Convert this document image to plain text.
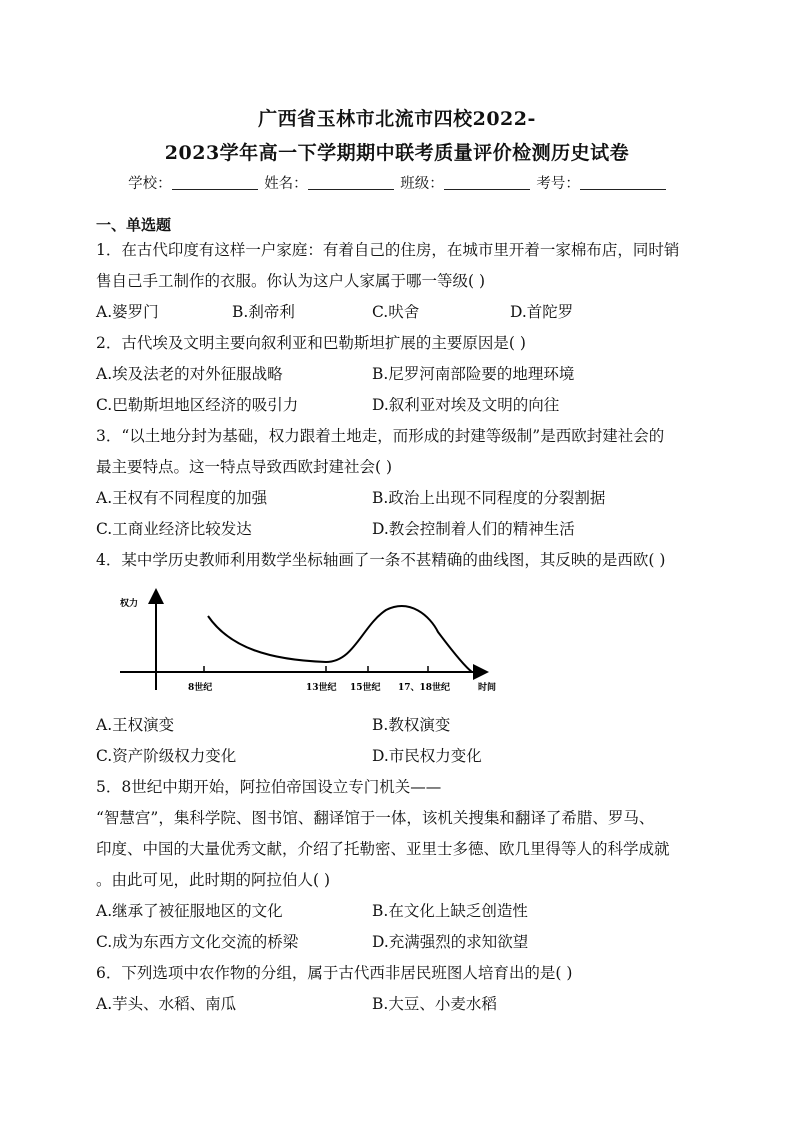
广西省玉林市北流市四校2022-
2023学年高一下学期期中联考质量评价检测历史试卷
学校：	姓名：	班级：	考号：
一、单选题
1．在古代印度有这样一户家庭：有着自己的住房，在城市里开着一家棉布店，同时销
售自己手工制作的衣服。你认为这户人家属于哪一等级( )
A.婆罗门	B.刹帝利	C.吠舍	D.首陀罗
2．古代埃及文明主要向叙利亚和巴勒斯坦扩展的主要原因是( )
A.埃及法老的对外征服战略	B.尼罗河南部险要的地理环境
C.巴勒斯坦地区经济的吸引力	D.叙利亚对埃及文明的向往
3．“以土地分封为基础，权力跟着土地走，而形成的封建等级制”是西欧封建社会的
最主要特点。这一特点导致西欧封建社会( )
A.王权有不同程度的加强	B.政治上出现不同程度的分裂割据
C.工商业经济比较发达	D.教会控制着人们的精神生活
4．某中学历史教师利用数学坐标轴画了一条不甚精确的曲线图，其反映的是西欧( )
权力
时间
8世纪	13世纪 15世纪 17、18世纪
A.王权演变	B.教权演变
C.资产阶级权力变化	D.市民权力变化
5．8世纪中期开始，阿拉伯帝国设立专门机关——
“智慧宫”，集科学院、图书馆、翻译馆于一体，该机关搜集和翻译了希腊、罗马、
印度、中国的大量优秀文献，介绍了托勒密、亚里士多德、欧几里得等人的科学成就
。由此可见，此时期的阿拉伯人( )
A.继承了被征服地区的文化	B.在文化上缺乏创造性
C.成为东西方文化交流的桥梁	D.充满强烈的求知欲望
6．下列选项中农作物的分组，属于古代西非居民班图人培育出的是( )
A.芋头、水稻、南瓜	B.大豆、小麦水稻
